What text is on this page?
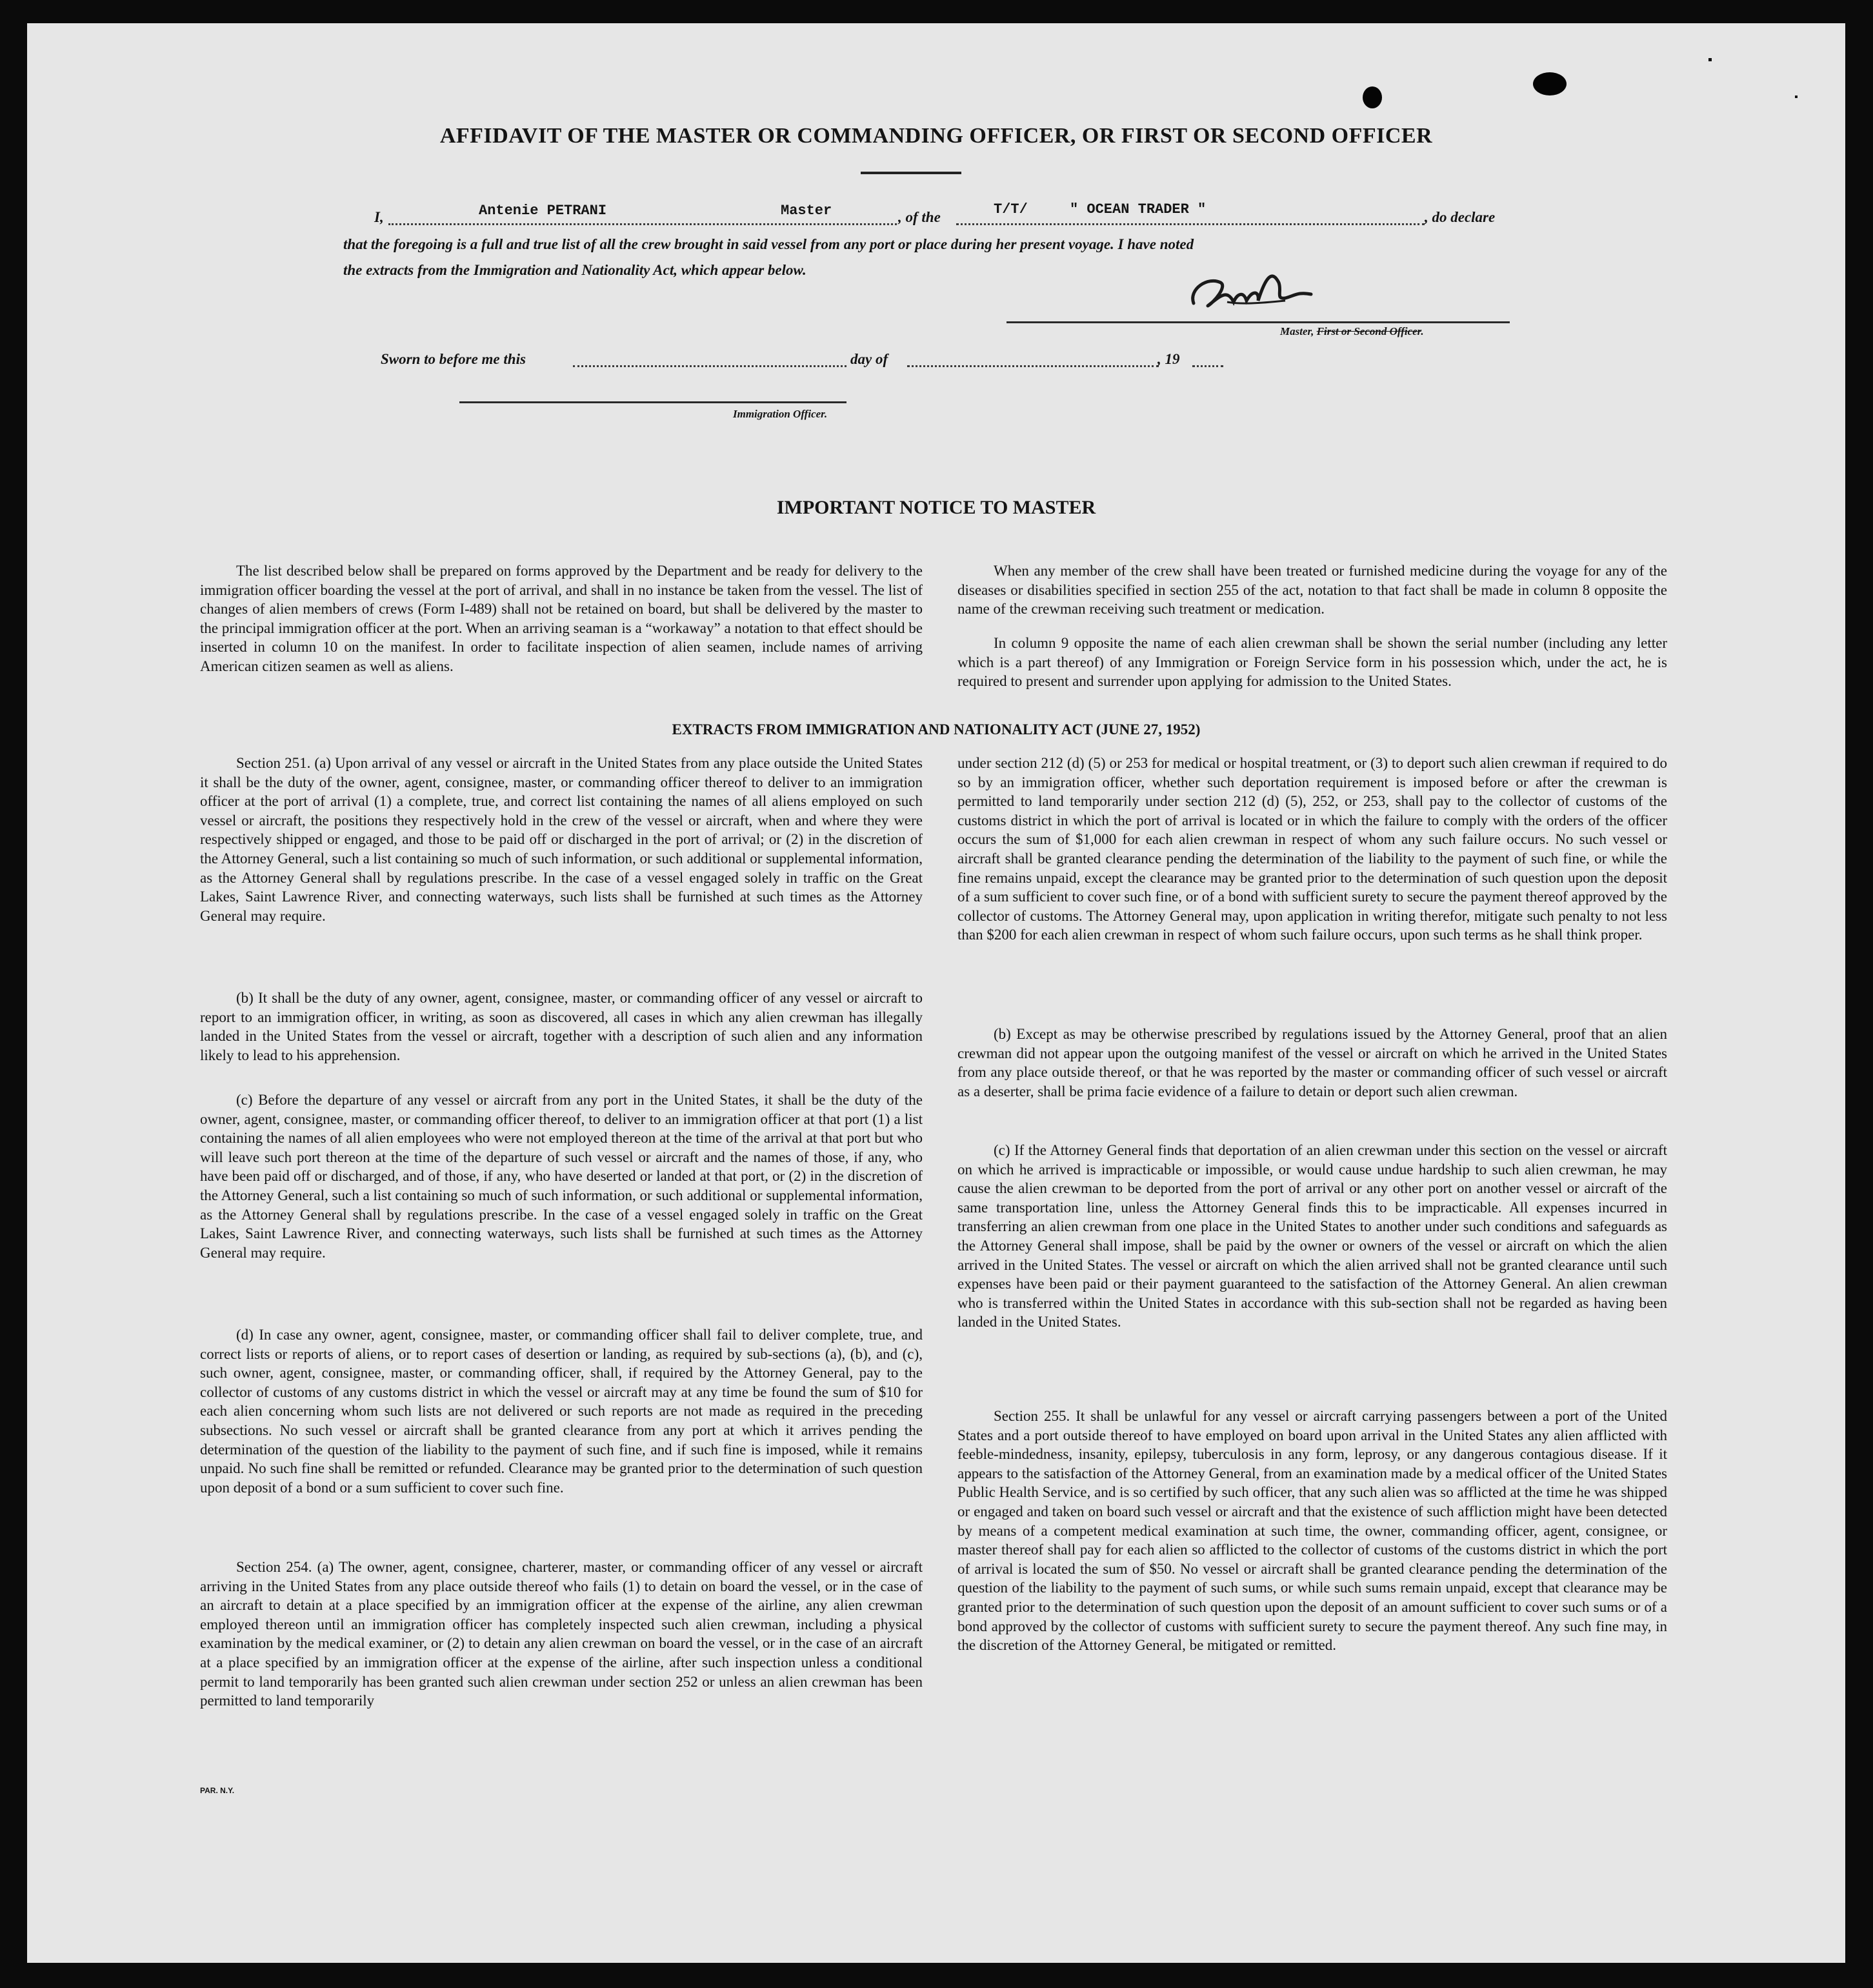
AFFIDAVIT OF THE MASTER OR COMMANDING OFFICER, OR FIRST OR SECOND OFFICER
I,	Antenie PETRANI	Master	, of the	T/T/	" OCEAN TRADER "	, do declare
that the foregoing is a full and true list of all the crew brought in said vessel from any port or place during her present voyage. I have noted
the extracts from the Immigration and Nationality Act, which appear below.
Master, First or Second Officer.
Sworn to before me this	day of	, 19
Immigration Officer.
IMPORTANT NOTICE TO MASTER

The list described below shall be prepared on forms approved by the Department and be ready for delivery to the immigration officer boarding the vessel at the port of arrival, and shall in no instance be taken from the vessel. The list of changes of alien members of crews (Form I-489) shall not be retained on board, but shall be delivered by the master to the principal immigration officer at the port. When an arriving seaman is a “workaway” a notation to that effect should be inserted in column 10 on the manifest. In order to facilitate inspection of alien seamen, include names of arriving American citizen seamen as well as aliens.

When any member of the crew shall have been treated or furnished medicine during the voyage for any of the diseases or disabilities specified in section 255 of the act, notation to that fact shall be made in column 8 opposite the name of the crewman receiving such treatment or medication.

In column 9 opposite the name of each alien crewman shall be shown the serial number (including any letter which is a part thereof) of any Immigration or Foreign Service form in his possession which, under the act, he is required to present and surrender upon applying for admission to the United States.

EXTRACTS FROM IMMIGRATION AND NATIONALITY ACT (JUNE 27, 1952)

Section 251. (a) Upon arrival of any vessel or aircraft in the United States from any place outside the United States it shall be the duty of the owner, agent, consignee, master, or commanding officer thereof to deliver to an immigration officer at the port of arrival (1) a complete, true, and correct list containing the names of all aliens employed on such vessel or aircraft, the positions they respectively hold in the crew of the vessel or aircraft, when and where they were respectively shipped or engaged, and those to be paid off or discharged in the port of arrival; or (2) in the discretion of the Attorney General, such a list containing so much of such information, or such additional or supplemental information, as the Attorney General shall by regulations prescribe. In the case of a vessel engaged solely in traffic on the Great Lakes, Saint Lawrence River, and connecting waterways, such lists shall be furnished at such times as the Attorney General may require.

(b) It shall be the duty of any owner, agent, consignee, master, or commanding officer of any vessel or aircraft to report to an immigration officer, in writing, as soon as discovered, all cases in which any alien crewman has illegally landed in the United States from the vessel or aircraft, together with a description of such alien and any information likely to lead to his apprehension.

(c) Before the departure of any vessel or aircraft from any port in the United States, it shall be the duty of the owner, agent, consignee, master, or commanding officer thereof, to deliver to an immigration officer at that port (1) a list containing the names of all alien employees who were not employed thereon at the time of the arrival at that port but who will leave such port thereon at the time of the departure of such vessel or aircraft and the names of those, if any, who have been paid off or discharged, and of those, if any, who have deserted or landed at that port, or (2) in the discretion of the Attorney General, such a list containing so much of such information, or such additional or supplemental information, as the Attorney General shall by regulations prescribe. In the case of a vessel engaged solely in traffic on the Great Lakes, Saint Lawrence River, and connecting waterways, such lists shall be furnished at such times as the Attorney General may require.

(d) In case any owner, agent, consignee, master, or commanding officer shall fail to deliver complete, true, and correct lists or reports of aliens, or to report cases of desertion or landing, as required by sub-sections (a), (b), and (c), such owner, agent, consignee, master, or commanding officer, shall, if required by the Attorney General, pay to the collector of customs of any customs district in which the vessel or aircraft may at any time be found the sum of $10 for each alien concerning whom such lists are not delivered or such reports are not made as required in the preceding subsections. No such vessel or aircraft shall be granted clearance from any port at which it arrives pending the determination of the question of the liability to the payment of such fine, and if such fine is imposed, while it remains unpaid. No such fine shall be remitted or refunded. Clearance may be granted prior to the determination of such question upon deposit of a bond or a sum sufficient to cover such fine.

Section 254. (a) The owner, agent, consignee, charterer, master, or commanding officer of any vessel or aircraft arriving in the United States from any place outside thereof who fails (1) to detain on board the vessel, or in the case of an aircraft to detain at a place specified by an immigration officer at the expense of the airline, any alien crewman employed thereon until an immigration officer has completely inspected such alien crewman, including a physical examination by the medical examiner, or (2) to detain any alien crewman on board the vessel, or in the case of an aircraft at a place specified by an immigration officer at the expense of the airline, after such inspection unless a conditional permit to land temporarily has been granted such alien crewman under section 252 or unless an alien crewman has been permitted to land temporarily

under section 212 (d) (5) or 253 for medical or hospital treatment, or (3) to deport such alien crewman if required to do so by an immigration officer, whether such deportation requirement is imposed before or after the crewman is permitted to land temporarily under section 212 (d) (5), 252, or 253, shall pay to the collector of customs of the customs district in which the port of arrival is located or in which the failure to comply with the orders of the officer occurs the sum of $1,000 for each alien crewman in respect of whom any such failure occurs. No such vessel or aircraft shall be granted clearance pending the determination of the liability to the payment of such fine, or while the fine remains unpaid, except the clearance may be granted prior to the determination of such question upon the deposit of a sum sufficient to cover such fine, or of a bond with sufficient surety to secure the payment thereof approved by the collector of customs. The Attorney General may, upon application in writing therefor, mitigate such penalty to not less than $200 for each alien crewman in respect of whom such failure occurs, upon such terms as he shall think proper.

(b) Except as may be otherwise prescribed by regulations issued by the Attorney General, proof that an alien crewman did not appear upon the outgoing manifest of the vessel or aircraft on which he arrived in the United States from any place outside thereof, or that he was reported by the master or commanding officer of such vessel or aircraft as a deserter, shall be prima facie evidence of a failure to detain or deport such alien crewman.

(c) If the Attorney General finds that deportation of an alien crewman under this section on the vessel or aircraft on which he arrived is impracticable or impossible, or would cause undue hardship to such alien crewman, he may cause the alien crewman to be deported from the port of arrival or any other port on another vessel or aircraft of the same transportation line, unless the Attorney General finds this to be impracticable. All expenses incurred in transferring an alien crewman from one place in the United States to another under such conditions and safeguards as the Attorney General shall impose, shall be paid by the owner or owners of the vessel or aircraft on which the alien arrived in the United States. The vessel or aircraft on which the alien arrived shall not be granted clearance until such expenses have been paid or their payment guaranteed to the satisfaction of the Attorney General. An alien crewman who is transferred within the United States in accordance with this sub-section shall not be regarded as having been landed in the United States.

Section 255. It shall be unlawful for any vessel or aircraft carrying passengers between a port of the United States and a port outside thereof to have employed on board upon arrival in the United States any alien afflicted with feeble-mindedness, insanity, epilepsy, tuberculosis in any form, leprosy, or any dangerous contagious disease. If it appears to the satisfaction of the Attorney General, from an examination made by a medical officer of the United States Public Health Service, and is so certified by such officer, that any such alien was so afflicted at the time he was shipped or engaged and taken on board such vessel or aircraft and that the existence of such affliction might have been detected by means of a competent medical examination at such time, the owner, commanding officer, agent, consignee, or master thereof shall pay for each alien so afflicted to the collector of customs of the customs district in which the port of arrival is located the sum of $50. No vessel or aircraft shall be granted clearance pending the determination of the question of the liability to the payment of such sums, or while such sums remain unpaid, except that clearance may be granted prior to the determination of such question upon the deposit of an amount sufficient to cover such sums or of a bond approved by the collector of customs with sufficient surety to secure the payment thereof. Any such fine may, in the discretion of the Attorney General, be mitigated or remitted.

PAR. N.Y.
